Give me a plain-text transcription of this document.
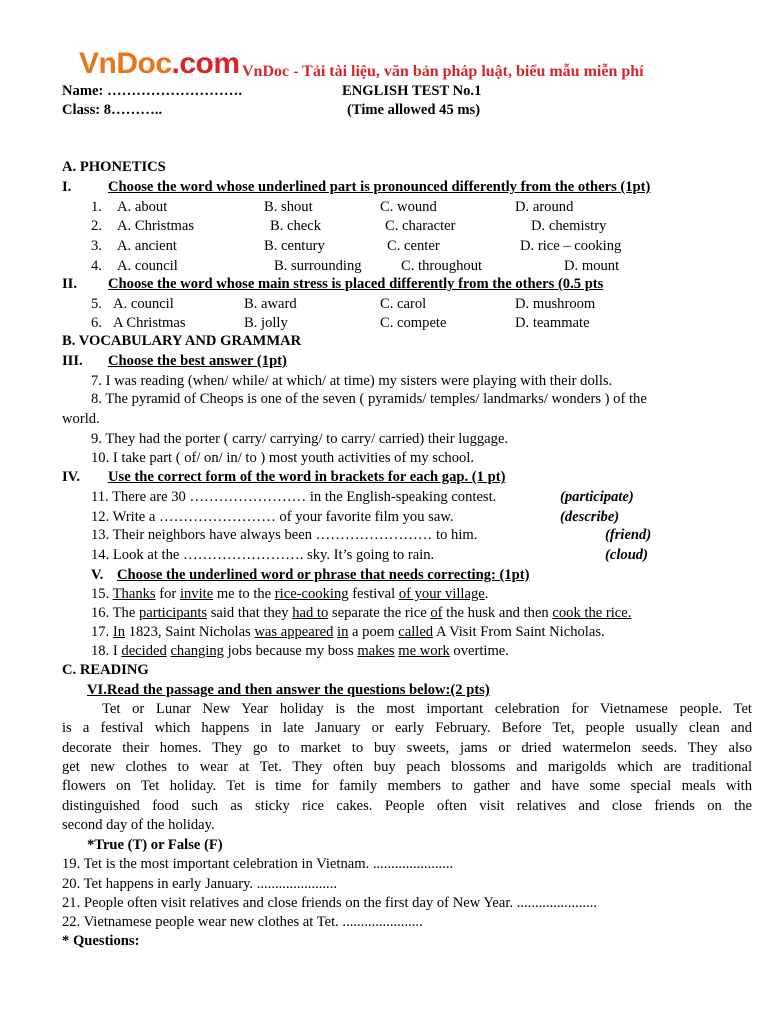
VnDoc.com VnDoc - Tải tài liệu, văn bản pháp luật, biểu mẫu miễn phí
Name: ……………………….	ENGLISH TEST No.1
Class: 8………..	(Time allowed 45 ms)
A. PHONETICS
I.	Choose the word whose underlined part is pronounced differently from the others (1pt)
1. A. about	B. shout	C. wound	D. around
2. A. Christmas	B. check	C. character	D. chemistry
3. A. ancient	B. century	C. center	D. rice – cooking
4. A. council	B. surrounding	C. throughout	D. mount
II. Choose the word whose main stress is placed differently from the others (0.5 pts
5. A. council	B. award	C. carol	D. mushroom
6. A Christmas	B. jolly	C. compete	D. teammate
B. VOCABULARY AND GRAMMAR
III. Choose the best answer (1pt)
7. I was reading (when/ while/ at which/ at time) my sisters were playing with their dolls.
8. The pyramid of Cheops is one of the seven ( pyramids/ temples/ landmarks/ wonders ) of the
world.
9. They had the porter ( carry/ carrying/ to carry/ carried) their luggage.
10. I take part ( of/ on/ in/ to ) most youth activities of my school.
IV. Use the correct form of the word in brackets for each gap. (1 pt)
11. There are 30 …………………… in the English-speaking contest.	(participate)
12. Write a …………………… of your favorite film you saw.	(describe)
13. Their neighbors have always been …………………… to him.	(friend)
14. Look at the ……………………. sky. It’s going to rain.	(cloud)
V. Choose the underlined word or phrase that needs correcting: (1pt)
15. Thanks for invite me to the rice-cooking festival of your village.
16. The participants said that they had to separate the rice of the husk and then cook the rice.
17. In 1823, Saint Nicholas was appeared in a poem called A Visit From Saint Nicholas.
18. I decided changing jobs because my boss makes me work overtime.
C. READING
VI.Read the passage and then answer the questions below:(2 pts)
Tet or Lunar New Year holiday is the most important celebration for Vietnamese people. Tet
is a festival which happens in late January or early February. Before Tet, people usually clean and
decorate their homes. They go to market to buy sweets, jams or dried watermelon seeds. They also
get new clothes to wear at Tet. They often buy peach blossoms and marigolds which are traditional
flowers on Tet holiday. Tet is time for family members to gather and have some special meals with
distinguished food such as sticky rice cakes. People often visit relatives and close friends on the
second day of the holiday.
*True (T) or False (F)
19. Tet is the most important celebration in Vietnam. ......................
20. Tet happens in early January. ......................
21. People often visit relatives and close friends on the first day of New Year. ......................
22. Vietnamese people wear new clothes at Tet. ......................
* Questions:
